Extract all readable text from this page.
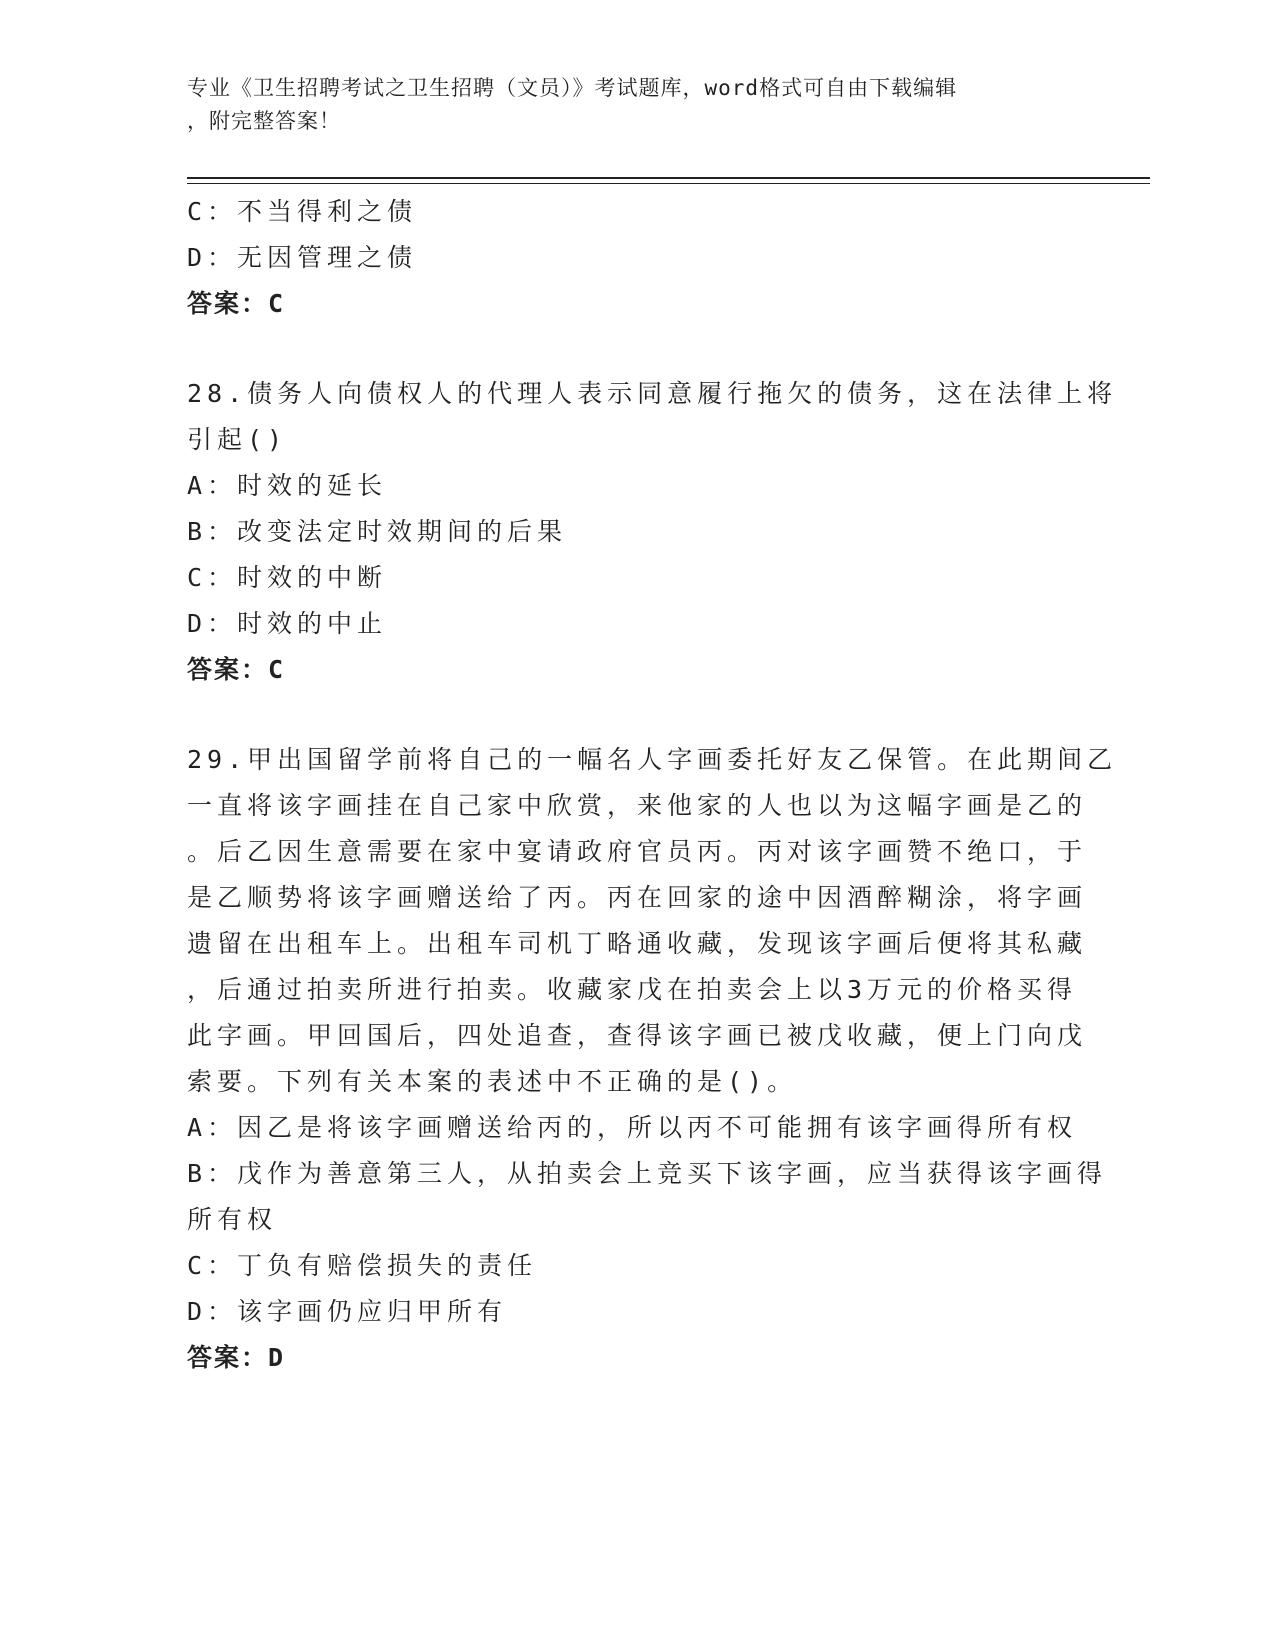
专业《卫生招聘考试之卫生招聘（文员）》考试题库，word格式可自由下载编辑
，附完整答案！
C：不当得利之债
D：无因管理之债
答案：C
28.债务人向债权人的代理人表示同意履行拖欠的债务，这在法律上将
引起()
A：时效的延长
B：改变法定时效期间的后果
C：时效的中断
D：时效的中止
答案：C
29.甲出国留学前将自己的一幅名人字画委托好友乙保管。在此期间乙
一直将该字画挂在自己家中欣赏，来他家的人也以为这幅字画是乙的
。后乙因生意需要在家中宴请政府官员丙。丙对该字画赞不绝口，于
是乙顺势将该字画赠送给了丙。丙在回家的途中因酒醉糊涂，将字画
遗留在出租车上。出租车司机丁略通收藏，发现该字画后便将其私藏
，后通过拍卖所进行拍卖。收藏家戊在拍卖会上以3万元的价格买得
此字画。甲回国后，四处追查，查得该字画已被戊收藏，便上门向戊
索要。下列有关本案的表述中不正确的是()。
A：因乙是将该字画赠送给丙的，所以丙不可能拥有该字画得所有权
B：戊作为善意第三人，从拍卖会上竞买下该字画，应当获得该字画得
所有权
C：丁负有赔偿损失的责任
D：该字画仍应归甲所有
答案：D
